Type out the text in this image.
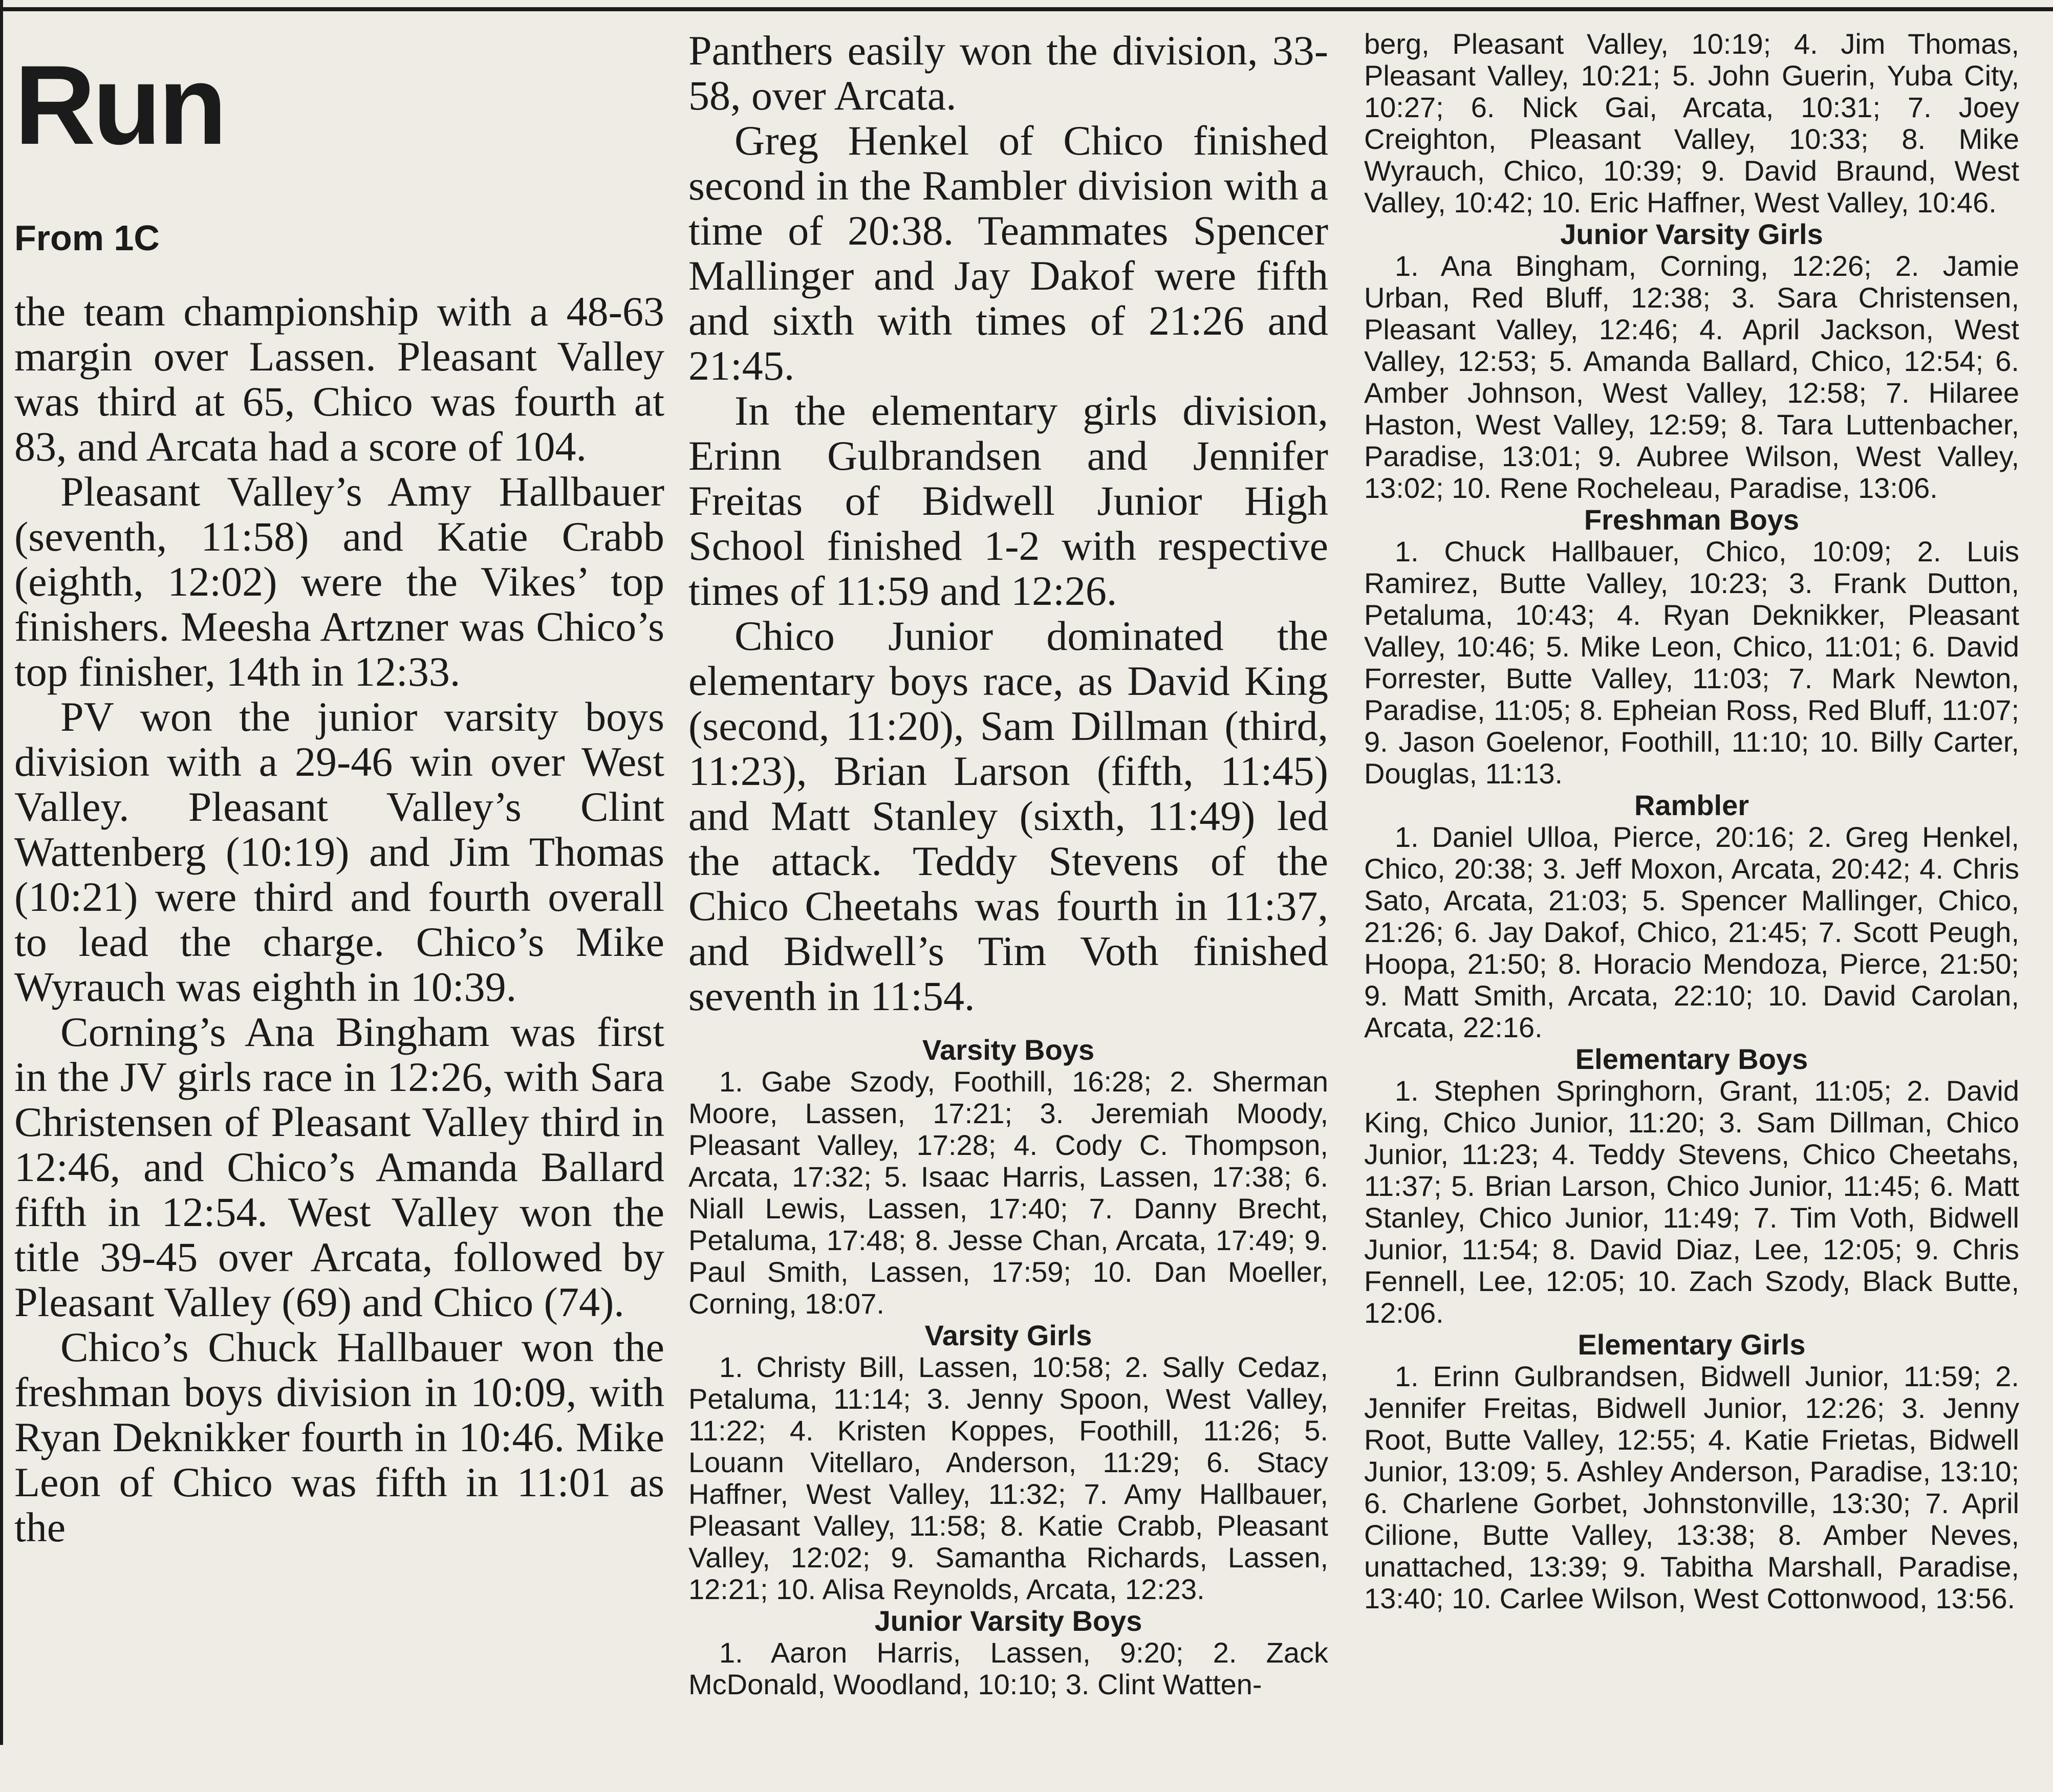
Run
From 1C

the team championship with a 48-63 margin over Lassen. Pleasant Valley was third at 65, Chico was fourth at 83, and Arcata had a score of 104.

Pleasant Valley’s Amy Hallbauer (seventh, 11:58) and Katie Crabb (eighth, 12:02) were the Vikes’ top finishers. Meesha Artzner was Chico’s top finisher, 14th in 12:33.

PV won the junior varsity boys division with a 29-46 win over West Valley. Pleasant Valley’s Clint Wattenberg (10:19) and Jim Thomas (10:21) were third and fourth overall to lead the charge. Chico’s Mike Wyrauch was eighth in 10:39.

Corning’s Ana Bingham was first in the JV girls race in 12:26, with Sara Christensen of Pleasant Valley third in 12:46, and Chico’s Amanda Ballard fifth in 12:54. West Valley won the title 39-45 over Arcata, followed by Pleasant Valley (69) and Chico (74).

Chico’s Chuck Hallbauer won the freshman boys division in 10:09, with Ryan Deknikker fourth in 10:46. Mike Leon of Chico was fifth in 11:01 as the

Panthers easily won the division, 33-58, over Arcata.

Greg Henkel of Chico finished second in the Rambler division with a time of 20:38. Teammates Spencer Mallinger and Jay Dakof were fifth and sixth with times of 21:26 and 21:45.

In the elementary girls division, Erinn Gulbrandsen and Jennifer Freitas of Bidwell Junior High School finished 1-2 with respective times of 11:59 and 12:26.

Chico Junior dominated the elementary boys race, as David King (second, 11:20), Sam Dillman (third, 11:23), Brian Larson (fifth, 11:45) and Matt Stanley (sixth, 11:49) led the attack. Teddy Stevens of the Chico Cheetahs was fourth in 11:37, and Bidwell’s Tim Voth finished seventh in 11:54.

Varsity Boys

1. Gabe Szody, Foothill, 16:28; 2. Sherman Moore, Lassen, 17:21; 3. Jeremiah Moody, Pleasant Valley, 17:28; 4. Cody C. Thompson, Arcata, 17:32; 5. Isaac Harris, Lassen, 17:38; 6. Niall Lewis, Lassen, 17:40; 7. Danny Brecht, Petaluma, 17:48; 8. Jesse Chan, Arcata, 17:49; 9. Paul Smith, Lassen, 17:59; 10. Dan Moeller, Corning, 18:07.

Varsity Girls

1. Christy Bill, Lassen, 10:58; 2. Sally Cedaz, Petaluma, 11:14; 3. Jenny Spoon, West Valley, 11:22; 4. Kristen Koppes, Foothill, 11:26; 5. Louann Vitellaro, Anderson, 11:29; 6. Stacy Haffner, West Valley, 11:32; 7. Amy Hallbauer, Pleasant Valley, 11:58; 8. Katie Crabb, Pleasant Valley, 12:02; 9. Samantha Richards, Lassen, 12:21; 10. Alisa Reynolds, Arcata, 12:23.

Junior Varsity Boys

1. Aaron Harris, Lassen, 9:20; 2. Zack McDonald, Woodland, 10:10; 3. Clint Watten-

berg, Pleasant Valley, 10:19; 4. Jim Thomas, Pleasant Valley, 10:21; 5. John Guerin, Yuba City, 10:27; 6. Nick Gai, Arcata, 10:31; 7. Joey Creighton, Pleasant Valley, 10:33; 8. Mike Wyrauch, Chico, 10:39; 9. David Braund, West Valley, 10:42; 10. Eric Haffner, West Valley, 10:46.

Junior Varsity Girls

1. Ana Bingham, Corning, 12:26; 2. Jamie Urban, Red Bluff, 12:38; 3. Sara Christensen, Pleasant Valley, 12:46; 4. April Jackson, West Valley, 12:53; 5. Amanda Ballard, Chico, 12:54; 6. Amber Johnson, West Valley, 12:58; 7. Hilaree Haston, West Valley, 12:59; 8. Tara Luttenbacher, Paradise, 13:01; 9. Aubree Wilson, West Valley, 13:02; 10. Rene Rocheleau, Paradise, 13:06.

Freshman Boys

1. Chuck Hallbauer, Chico, 10:09; 2. Luis Ramirez, Butte Valley, 10:23; 3. Frank Dutton, Petaluma, 10:43; 4. Ryan Deknikker, Pleasant Valley, 10:46; 5. Mike Leon, Chico, 11:01; 6. David Forrester, Butte Valley, 11:03; 7. Mark Newton, Paradise, 11:05; 8. Epheian Ross, Red Bluff, 11:07; 9. Jason Goelenor, Foothill, 11:10; 10. Billy Carter, Douglas, 11:13.

Rambler

1. Daniel Ulloa, Pierce, 20:16; 2. Greg Henkel, Chico, 20:38; 3. Jeff Moxon, Arcata, 20:42; 4. Chris Sato, Arcata, 21:03; 5. Spencer Mallinger, Chico, 21:26; 6. Jay Dakof, Chico, 21:45; 7. Scott Peugh, Hoopa, 21:50; 8. Horacio Mendoza, Pierce, 21:50; 9. Matt Smith, Arcata, 22:10; 10. David Carolan, Arcata, 22:16.

Elementary Boys

1. Stephen Springhorn, Grant, 11:05; 2. David King, Chico Junior, 11:20; 3. Sam Dillman, Chico Junior, 11:23; 4. Teddy Stevens, Chico Cheetahs, 11:37; 5. Brian Larson, Chico Junior, 11:45; 6. Matt Stanley, Chico Junior, 11:49; 7. Tim Voth, Bidwell Junior, 11:54; 8. David Diaz, Lee, 12:05; 9. Chris Fennell, Lee, 12:05; 10. Zach Szody, Black Butte, 12:06.

Elementary Girls

1. Erinn Gulbrandsen, Bidwell Junior, 11:59; 2. Jennifer Freitas, Bidwell Junior, 12:26; 3. Jenny Root, Butte Valley, 12:55; 4. Katie Frietas, Bidwell Junior, 13:09; 5. Ashley Anderson, Paradise, 13:10; 6. Charlene Gorbet, Johnstonville, 13:30; 7. April Cilione, Butte Valley, 13:38; 8. Amber Neves, unattached, 13:39; 9. Tabitha Marshall, Paradise, 13:40; 10. Carlee Wilson, West Cottonwood, 13:56.
